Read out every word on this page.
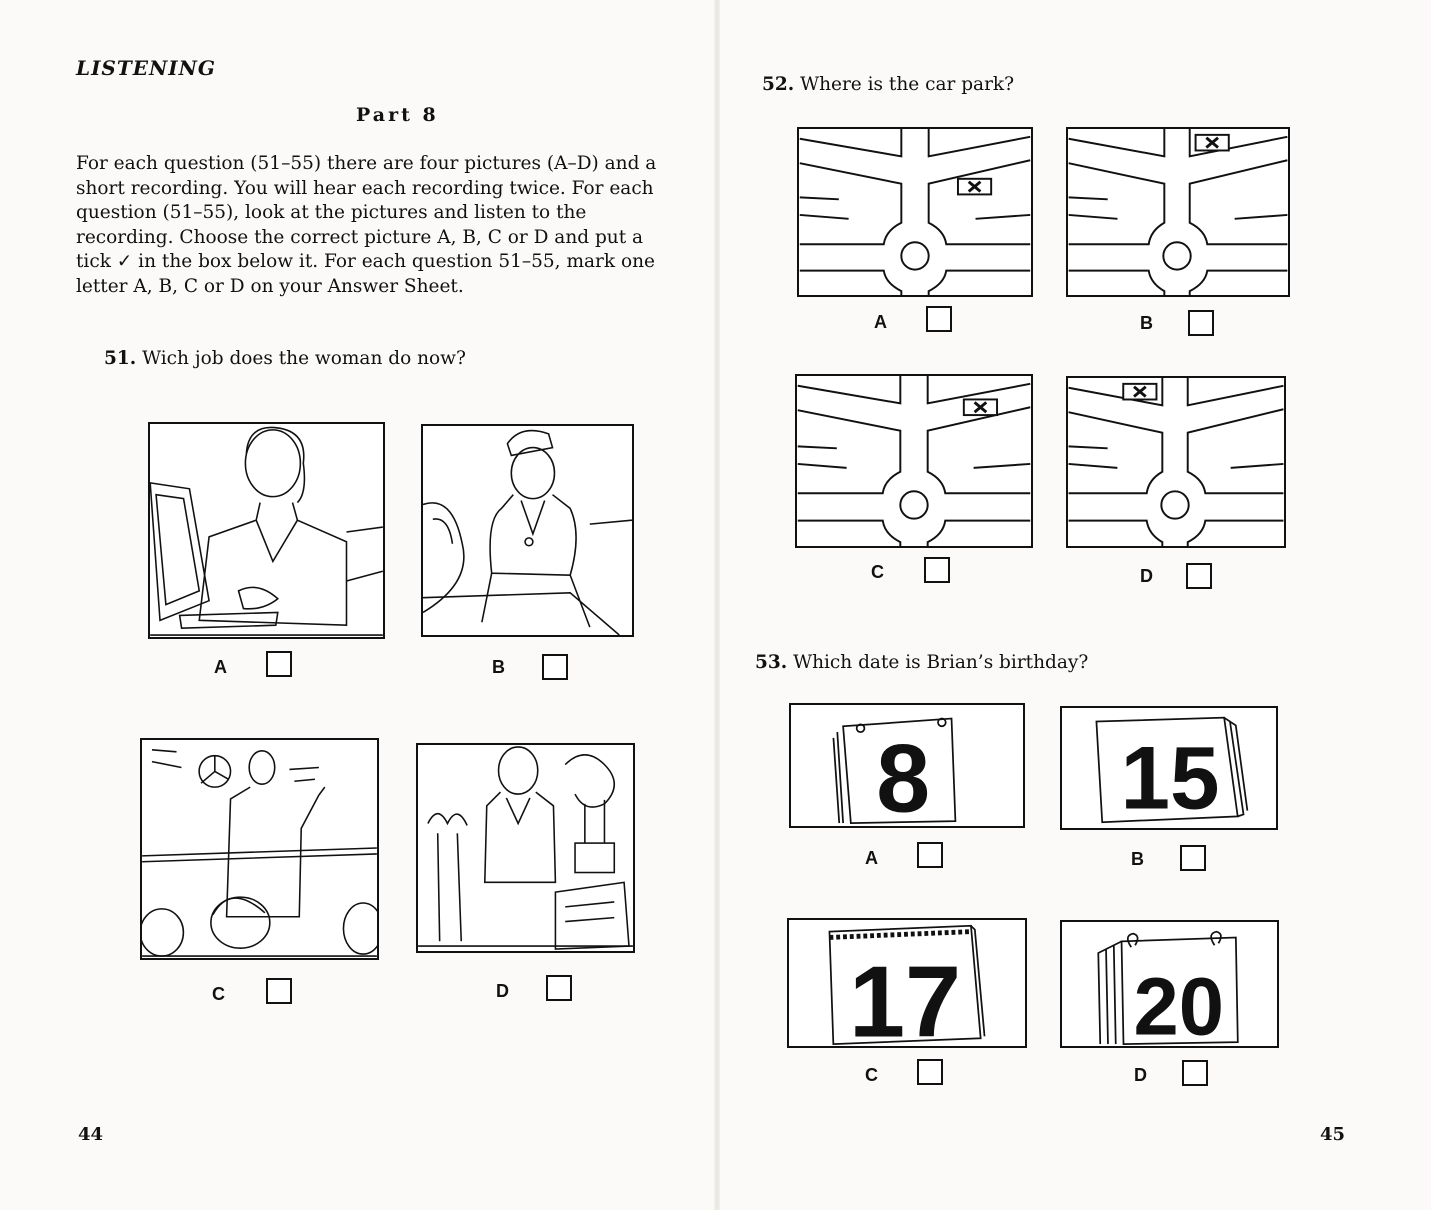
LISTENING
Part 8

For each question (51–55) there are four pictures (A–D) and a short recording. You will hear each recording twice. For each question (51–55), look at the pictures and listen to the recording. Choose the correct picture A, B, C or D and put a tick ✓ in the box below it. For each question 51–55, mark one letter A, B, C or D on your Answer Sheet.

51. Wich job does the woman do now?
A	B
C	D
44
52. Where is the car park?
A	B
C	D
53. Which date is Brian’s birthday?
8
A
15
B
17
C
20
D
45
